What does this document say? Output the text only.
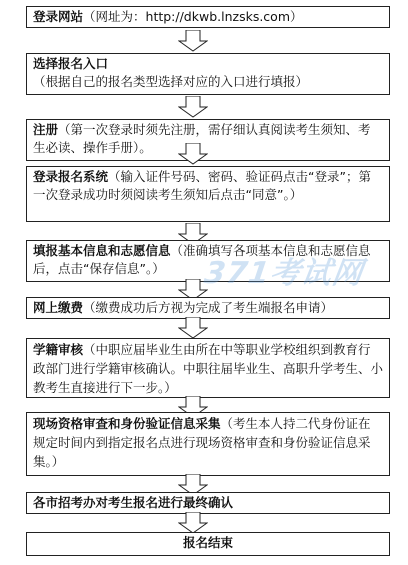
登录网站（网址为：http://dkwb.lnzsks.com）
选择报名入口（根据自己的报名类型选择对应的入口进行填报）
注册（第一次登录时须先注册，需仔细认真阅读考生须知、考生必读、操作手册）。
登录报名系统（输入证件号码、密码、验证码点击“登录”；第一次登录成功时须阅读考生须知后点击“同意”。）
填报基本信息和志愿信息（准确填写各项基本信息和志愿信息后，点击“保存信息”。）	371考试网
网上缴费（缴费成功后方视为完成了考生端报名申请）
学籍审核（中职应届毕业生由所在中等职业学校组织到教育行政部门进行学籍审核确认。中职往届毕业生、高职升学考生、小教考生直接进行下一步。）
现场资格审查和身份验证信息采集（考生本人持二代身份证在规定时间内到指定报名点进行现场资格审查和身份验证信息采集。）
各市招考办对考生报名进行最终确认
报名结束
